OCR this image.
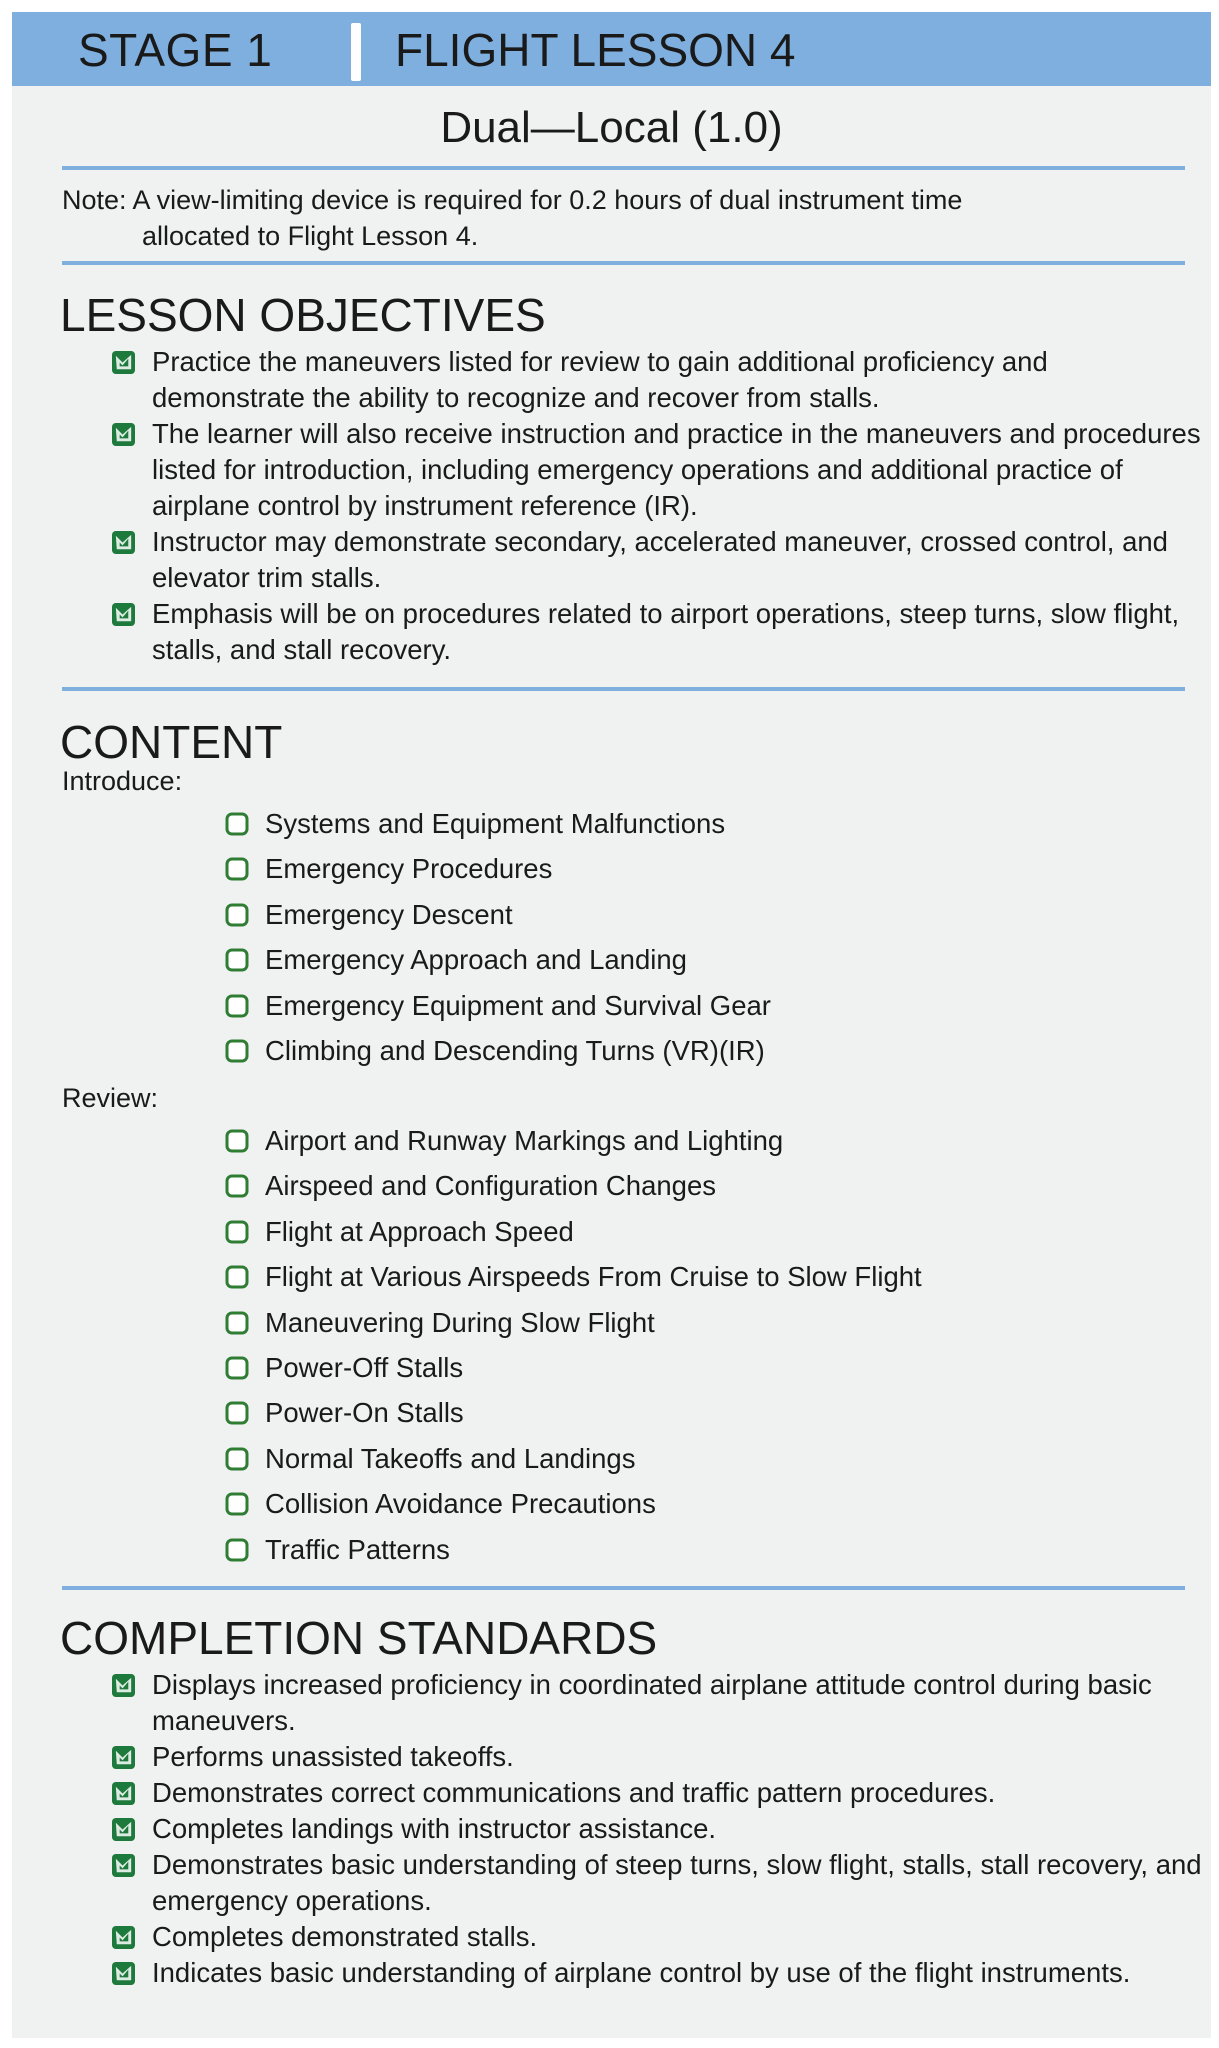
STAGE 1	FLIGHT LESSON 4
Dual—Local (1.0)
Note: A view-limiting device is required for 0.2 hours of dual instrument time
allocated to Flight Lesson 4.
LESSON OBJECTIVES
Practice the maneuvers listed for review to gain additional proficiency and demonstrate the ability to recognize and recover from stalls.
The learner will also receive instruction and practice in the maneuvers and procedures listed for introduction, including emergency operations and additional practice of airplane control by instrument reference (IR).
Instructor may demonstrate secondary, accelerated maneuver, crossed control, and elevator trim stalls.
Emphasis will be on procedures related to airport operations, steep turns, slow flight, stalls, and stall recovery.
CONTENT
Introduce:
Systems and Equipment Malfunctions
Emergency Procedures
Emergency Descent
Emergency Approach and Landing
Emergency Equipment and Survival Gear
Climbing and Descending Turns (VR)(IR)
Review:
Airport and Runway Markings and Lighting
Airspeed and Configuration Changes
Flight at Approach Speed
Flight at Various Airspeeds From Cruise to Slow Flight
Maneuvering During Slow Flight
Power-Off Stalls
Power-On Stalls
Normal Takeoffs and Landings
Collision Avoidance Precautions
Traffic Patterns
COMPLETION STANDARDS
Displays increased proficiency in coordinated airplane attitude control during basic maneuvers.
Performs unassisted takeoffs.
Demonstrates correct communications and traffic pattern procedures.
Completes landings with instructor assistance.
Demonstrates basic understanding of steep turns, slow flight, stalls, stall recovery, and emergency operations.
Completes demonstrated stalls.
Indicates basic understanding of airplane control by use of the flight instruments.
